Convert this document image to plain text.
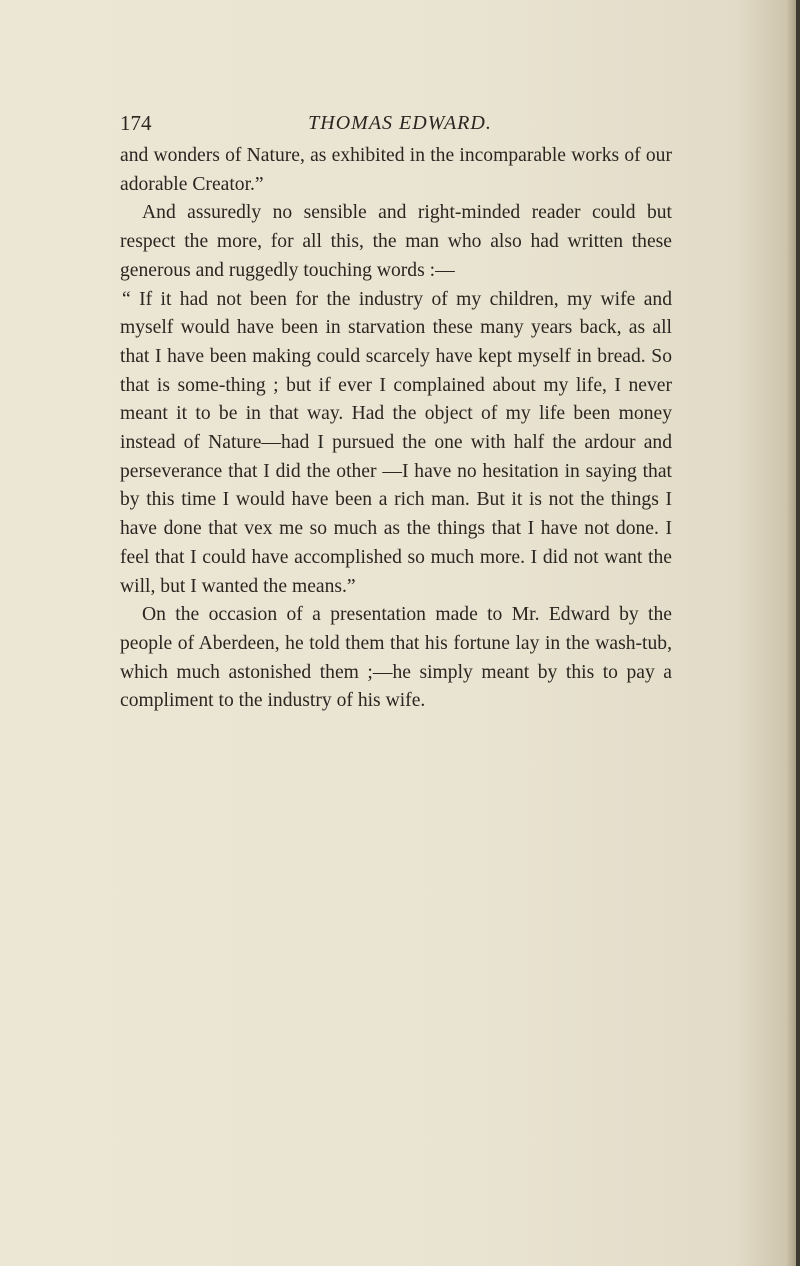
174	THOMAS EDWARD.

and wonders of Nature, as exhibited in the incomparable works of our adorable Creator.”

And assuredly no sensible and right-minded reader could but respect the more, for all this, the man who also had written these generous and ruggedly touching words :—

“ If it had not been for the industry of my children, my wife and myself would have been in starvation these many years back, as all that I have been making could scarcely have kept myself in bread. So that is some-thing ; but if ever I complained about my life, I never meant it to be in that way. Had the object of my life been money instead of Nature—had I pursued the one with half the ardour and perseverance that I did the other —I have no hesitation in saying that by this time I would have been a rich man. But it is not the things I have done that vex me so much as the things that I have not done. I feel that I could have accomplished so much more. I did not want the will, but I wanted the means.”

On the occasion of a presentation made to Mr. Edward by the people of Aberdeen, he told them that his fortune lay in the wash-tub, which much astonished them ;—he simply meant by this to pay a compliment to the industry of his wife.
